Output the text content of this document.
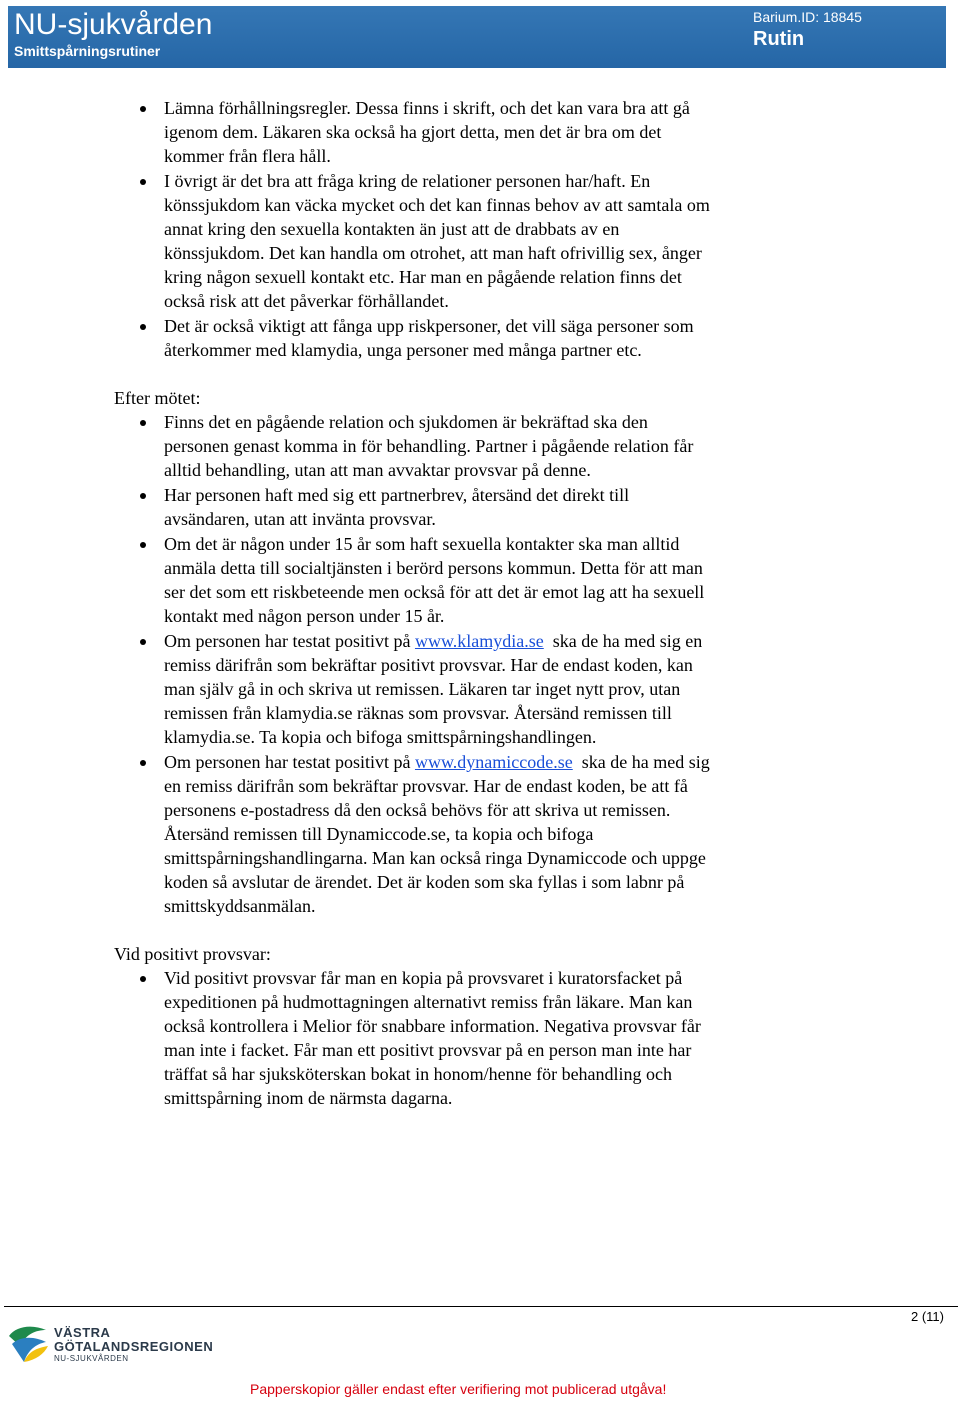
NU-sjukvården
Smittspårningsrutiner
Barium.ID: 18845
Rutin
Lämna förhållningsregler. Dessa finns i skrift, och det kan vara bra att gå igenom dem. Läkaren ska också ha gjort detta, men det är bra om det kommer från flera håll.
I övrigt är det bra att fråga kring de relationer personen har/haft. En könssjukdom kan väcka mycket och det kan finnas behov av att samtala om annat kring den sexuella kontakten än just att de drabbats av en könssjukdom. Det kan handla om otrohet, att man haft ofrivillig sex, ånger kring någon sexuell kontakt etc. Har man en pågående relation finns det också risk att det påverkar förhållandet.
Det är också viktigt att fånga upp riskpersoner, det vill säga personer som återkommer med klamydia, unga personer med många partner etc.
Efter mötet:
Finns det en pågående relation och sjukdomen är bekräftad ska den personen genast komma in för behandling. Partner i pågående relation får alltid behandling, utan att man avvaktar provsvar på denne.
Har personen haft med sig ett partnerbrev, återsänd det direkt till avsändaren, utan att invänta provsvar.
Om det är någon under 15 år som haft sexuella kontakter ska man alltid anmäla detta till socialtjänsten i berörd persons kommun. Detta för att man ser det som ett riskbeteende men också för att det är emot lag att ha sexuell kontakt med någon person under 15 år.
Om personen har testat positivt på www.klamydia.se  ska de ha med sig en remiss därifrån som bekräftar positivt provsvar. Har de endast koden, kan man själv gå in och skriva ut remissen. Läkaren tar inget nytt prov, utan remissen från klamydia.se räknas som provsvar. Återsänd remissen till klamydia.se. Ta kopia och bifoga smittspårningshandlingen.
Om personen har testat positivt på www.dynamiccode.se  ska de ha med sig en remiss därifrån som bekräftar provsvar. Har de endast koden, be att få personens e-postadress då den också behövs för att skriva ut remissen. Återsänd remissen till Dynamiccode.se, ta kopia och bifoga smittspårningshandlingarna. Man kan också ringa Dynamiccode och uppge koden så avslutar de ärendet. Det är koden som ska fyllas i som labnr på smittskyddsanmälan.
Vid positivt provsvar:
Vid positivt provsvar får man en kopia på provsvaret i kuratorsfacket på expeditionen på hudmottagningen alternativt remiss från läkare. Man kan också kontrollera i Melior för snabbare information. Negativa provsvar får man inte i facket. Får man ett positivt provsvar på en person man inte har träffat så har sjuksköterskan bokat in honom/henne för behandling och smittspårning inom de närmsta dagarna.
2 (11)
VÄSTRA
GÖTALANDSREGIONEN
NU-SJUKVÅRDEN
Papperskopior gäller endast efter verifiering mot publicerad utgåva!
